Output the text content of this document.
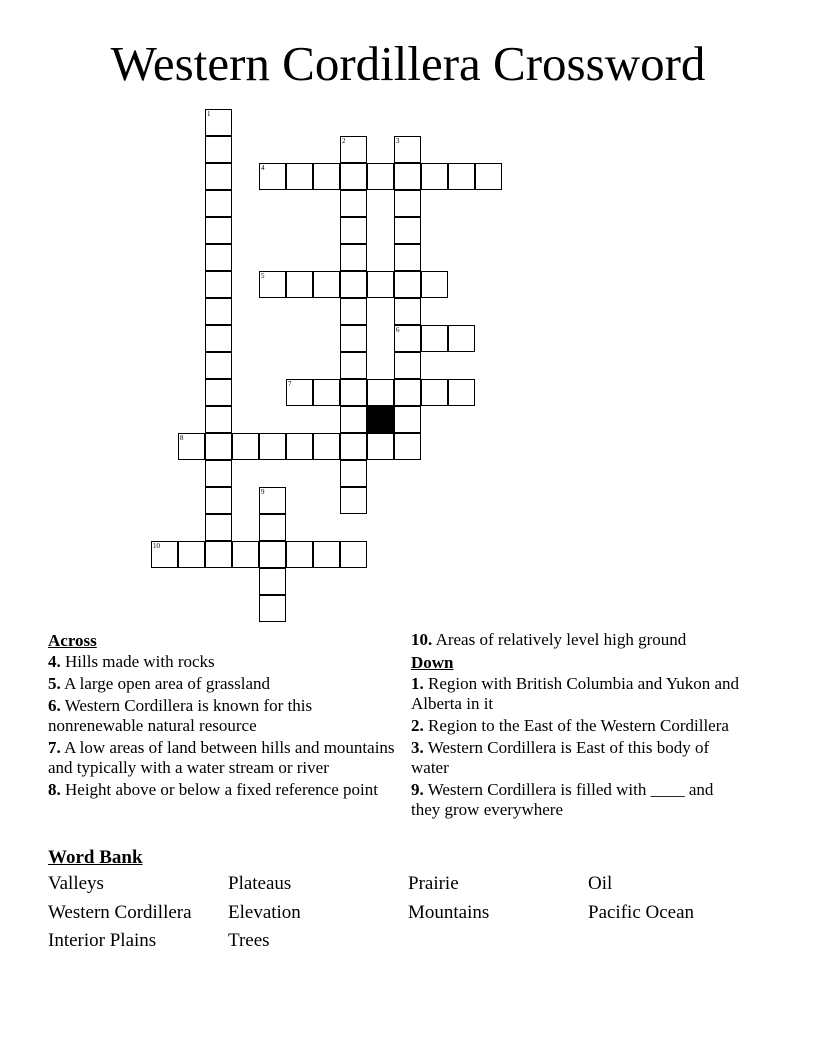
Western Cordillera Crossword
1
2	3
6
4
5
7
8
9
10
Across
4. Hills made with rocks
5. A large open area of grassland
6. Western Cordillera is known for this nonrenewable natural resource
7. A low areas of land between hills and mountains and typically with a water stream or river
8. Height above or below a fixed reference point
10. Areas of relatively level high ground
Down
1. Region with British Columbia and Yukon and Alberta in it
2. Region to the East of the Western Cordillera
3. Western Cordillera is East of this body of water
9. Western Cordillera is filled with ____ and they grow everywhere
Word Bank
Valleys	Plateaus	Prairie	Oil
Western Cordillera	Elevation	Mountains	Pacific Ocean
Interior Plains	Trees
